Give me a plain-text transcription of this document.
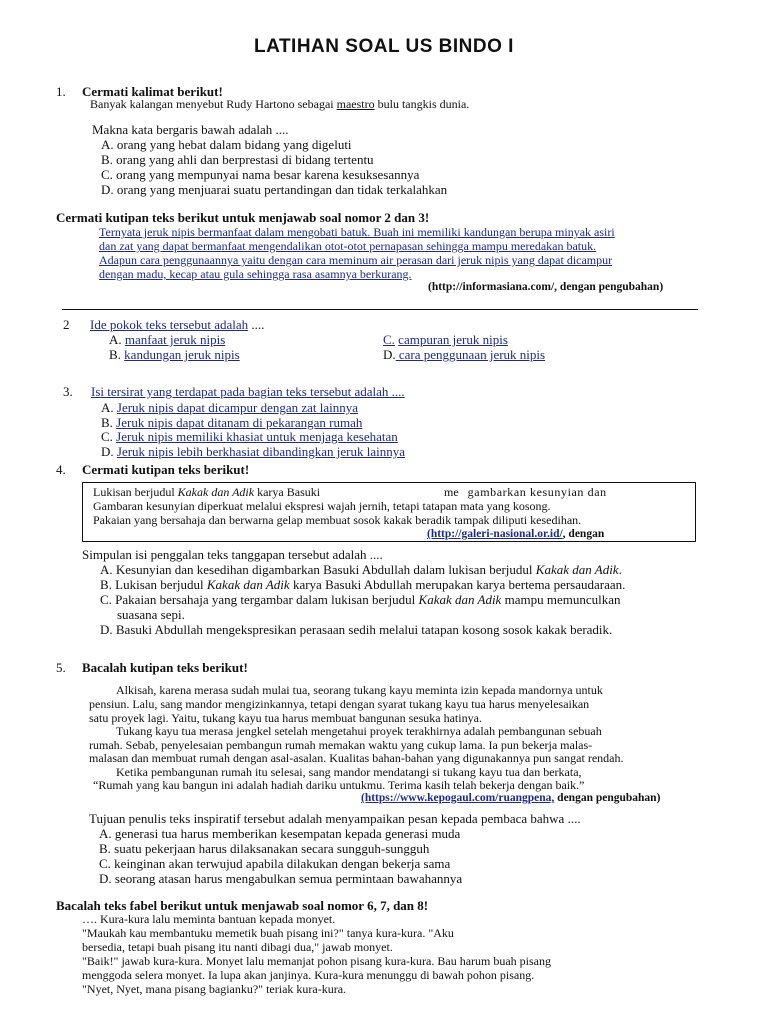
LATIHAN SOAL US BINDO I
1. Cermati kalimat berikut!
Banyak kalangan menyebut Rudy Hartono sebagai maestro bulu tangkis dunia.
Makna kata bergaris bawah adalah ....
A. orang yang hebat dalam bidang yang digeluti
B. orang yang ahli dan berprestasi di bidang tertentu
C. orang yang mempunyai nama besar karena kesuksesannya
D. orang yang menjuarai suatu pertandingan dan tidak terkalahkan
Cermati kutipan teks berikut untuk menjawab soal nomor 2 dan 3!
Ternyata jeruk nipis bermanfaat dalam mengobati batuk. Buah ini memiliki kandungan berupa minyak asiri
dan zat yang dapat bermanfaat mengendalikan otot-otot pernapasan sehingga mampu meredakan batuk.
Adapun cara penggunaannya yaitu dengan cara meminum air perasan dari jeruk nipis yang dapat dicampur
dengan madu, kecap atau gula sehingga rasa asamnya berkurang.
(http://informasiana.com/, dengan pengubahan)
2 Ide pokok teks tersebut adalah ....
A. manfaat jeruk nipis
B. kandungan jeruk nipis
C. campuran jeruk nipis
D. cara penggunaan jeruk nipis
3. Isi tersirat yang terdapat pada bagian teks tersebut adalah ....
A. Jeruk nipis dapat dicampur dengan zat lainnya
B. Jeruk nipis dapat ditanam di pekarangan rumah
C. Jeruk nipis memiliki khasiat untuk menjaga kesehatan
D. Jeruk nipis lebih berkhasiat dibandingkan jeruk lainnya
4. Cermati kutipan teks berikut!
Lukisan berjudul Kakak dan Adik karya Basuki	me gambarkan kesunyian dan
Gambaran kesunyian diperkuat melalui ekspresi wajah jernih, tetapi tatapan mata yang kosong.
Pakaian yang bersahaja dan berwarna gelap membuat sosok kakak beradik tampak diliputi kesedihan.
(http://galeri-nasional.or.id/, dengan
Simpulan isi penggalan teks tanggapan tersebut adalah ....
A. Kesunyian dan kesedihan digambarkan Basuki Abdullah dalam lukisan berjudul Kakak dan Adik.
B. Lukisan berjudul Kakak dan Adik karya Basuki Abdullah merupakan karya bertema persaudaraan.
C. Pakaian bersahaja yang tergambar dalam lukisan berjudul Kakak dan Adik mampu memunculkan
suasana sepi.
D. Basuki Abdullah mengekspresikan perasaan sedih melalui tatapan kosong sosok kakak beradik.
5. Bacalah kutipan teks berikut!
Alkisah, karena merasa sudah mulai tua, seorang tukang kayu meminta izin kepada mandornya untuk
pensiun. Lalu, sang mandor mengizinkannya, tetapi dengan syarat tukang kayu tua harus menyelesaikan
satu proyek lagi. Yaitu, tukang kayu tua harus membuat bangunan sesuka hatinya.
Tukang kayu tua merasa jengkel setelah mengetahui proyek terakhirnya adalah pembangunan sebuah
rumah. Sebab, penyelesaian pembangun rumah memakan waktu yang cukup lama. Ia pun bekerja malas-
malasan dan membuat rumah dengan asal-asalan. Kualitas bahan-bahan yang digunakannya pun sangat rendah.
Ketika pembangunan rumah itu selesai, sang mandor mendatangi si tukang kayu tua dan berkata,
“Rumah yang kau bangun ini adalah hadiah dariku untukmu. Terima kasih telah bekerja dengan baik.”
(https://www.kepogaul.com/ruangpena, dengan pengubahan)
Tujuan penulis teks inspiratif tersebut adalah menyampaikan pesan kepada pembaca bahwa ....
A. generasi tua harus memberikan kesempatan kepada generasi muda
B. suatu pekerjaan harus dilaksanakan secara sungguh-sungguh
C. keinginan akan terwujud apabila dilakukan dengan bekerja sama
D. seorang atasan harus mengabulkan semua permintaan bawahannya
Bacalah teks fabel berikut untuk menjawab soal nomor 6, 7, dan 8!
…. Kura-kura lalu meminta bantuan kepada monyet.
"Maukah kau membantuku memetik buah pisang ini?" tanya kura-kura. "Aku
bersedia, tetapi buah pisang itu nanti dibagi dua," jawab monyet.
"Baik!" jawab kura-kura. Monyet lalu memanjat pohon pisang kura-kura. Bau harum buah pisang
menggoda selera monyet. Ia lupa akan janjinya. Kura-kura menunggu di bawah pohon pisang.
"Nyet, Nyet, mana pisang bagianku?" teriak kura-kura.
